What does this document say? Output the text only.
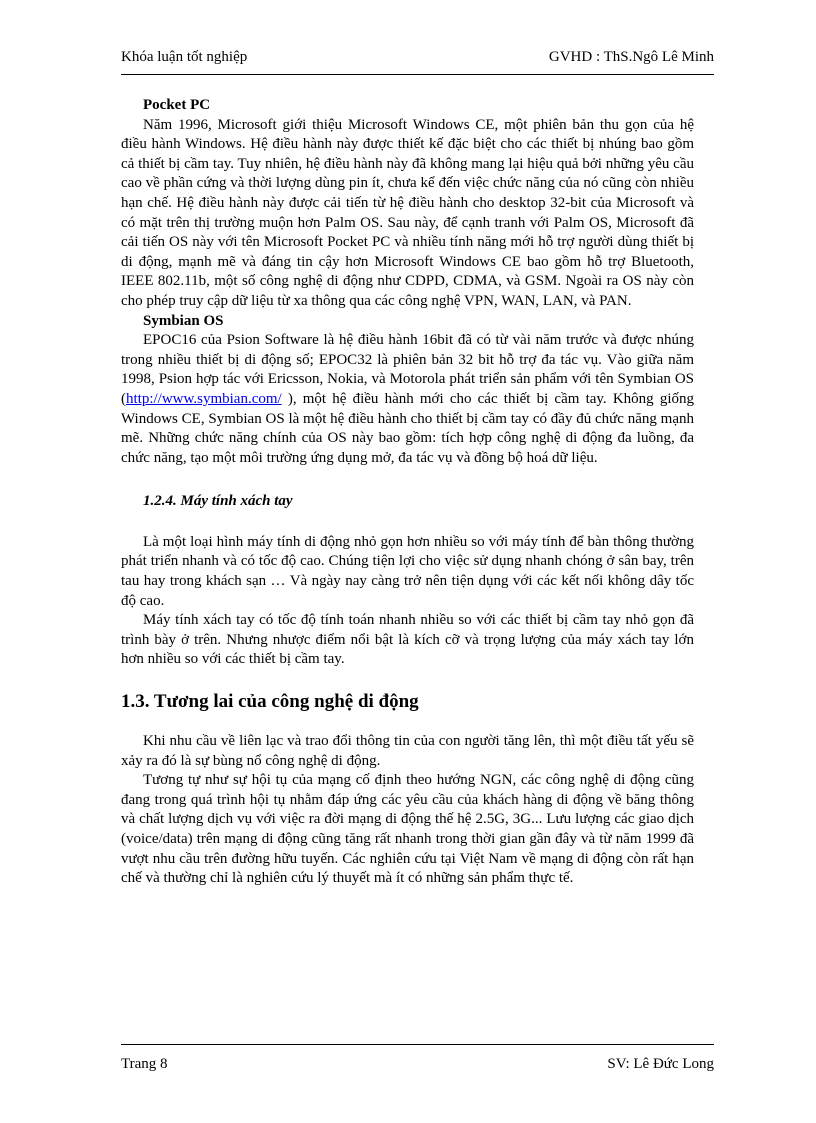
Khóa luận tốt nghiệp	GVHD : ThS.Ngô Lê Minh

Pocket PC

Năm 1996, Microsoft giới thiệu Microsoft Windows CE, một phiên bản thu gọn của hệ điều hành Windows. Hệ điều hành này được thiết kế đặc biệt cho các thiết bị nhúng bao gồm cả thiết bị cầm tay. Tuy nhiên, hệ điều hành này đã không mang lại hiệu quả bởi những yêu cầu cao về phần cứng và thời lượng dùng pin ít, chưa kể đến việc chức năng của nó cũng còn nhiều hạn chế. Hệ điều hành này được cải tiến từ hệ điều hành cho desktop 32-bit của Microsoft và có mặt trên thị trường muộn hơn Palm OS. Sau này, để cạnh tranh với Palm OS, Microsoft đã cải tiến OS này với tên Microsoft Pocket PC và nhiều tính năng mới hỗ trợ người dùng thiết bị di động, mạnh mẽ và đáng tin cậy hơn Microsoft Windows CE bao gồm hỗ trợ Bluetooth, IEEE 802.11b, một số công nghệ di động như CDPD, CDMA, và GSM. Ngoài ra OS này còn cho phép truy cập dữ liệu từ xa thông qua các công nghệ VPN, WAN, LAN, và PAN.

Symbian OS

EPOC16 của Psion Software là hệ điều hành 16bit đã có từ vài năm trước và được nhúng trong nhiều thiết bị di động số; EPOC32 là phiên bản 32 bit hỗ trợ đa tác vụ. Vào giữa năm 1998, Psion hợp tác với Ericsson, Nokia, và Motorola phát triển sản phẩm với tên Symbian OS (http://www.symbian.com/ ), một hệ điều hành mới cho các thiết bị cầm tay. Không giống Windows CE, Symbian OS là một hệ điều hành cho thiết bị cầm tay có đầy đủ chức năng mạnh mẽ. Những chức năng chính của OS này bao gồm: tích hợp công nghệ di động đa luồng, đa chức năng, tạo một môi trường ứng dụng mở, đa tác vụ và đồng bộ hoá dữ liệu.

1.2.4. Máy tính xách tay

Là một loại hình máy tính di động nhỏ gọn hơn nhiều so với máy tính để bàn thông thường phát triển nhanh và có tốc độ cao. Chúng tiện lợi cho việc sử dụng nhanh chóng ở sân bay, trên tau hay trong khách sạn … Và ngày nay càng trở nên tiện dụng với các kết nối không dây tốc độ cao.

Máy tính xách tay có tốc độ tính toán nhanh nhiều so với các thiết bị cầm tay nhỏ gọn đã trình bày ở trên. Nhưng nhược điểm nổi bật là kích cỡ và trọng lượng của máy xách tay lớn hơn nhiều so với các thiết bị cầm tay.

1.3. Tương lai của công nghệ di động

Khi nhu cầu về liên lạc và trao đổi thông tin của con người tăng lên, thì một điều tất yếu sẽ xảy ra đó là sự bùng nổ công nghệ di động.

Tương tự như sự hội tụ của mạng cố định theo hướng NGN, các công nghệ di động cũng đang trong quá trình hội tụ nhằm đáp ứng các yêu cầu của khách hàng di động về băng thông và chất lượng dịch vụ với việc ra đời mạng di động thế hệ 2.5G, 3G... Lưu lượng các giao dịch (voice/data) trên mạng di động cũng tăng rất nhanh trong thời gian gần đây và từ năm 1999 đã vượt nhu cầu trên đường hữu tuyến. Các nghiên cứu tại Việt Nam về mạng di động còn rất hạn chế và thường chỉ là nghiên cứu lý thuyết mà ít có những sản phẩm thực tế.

Trang 8	SV: Lê Đức Long
